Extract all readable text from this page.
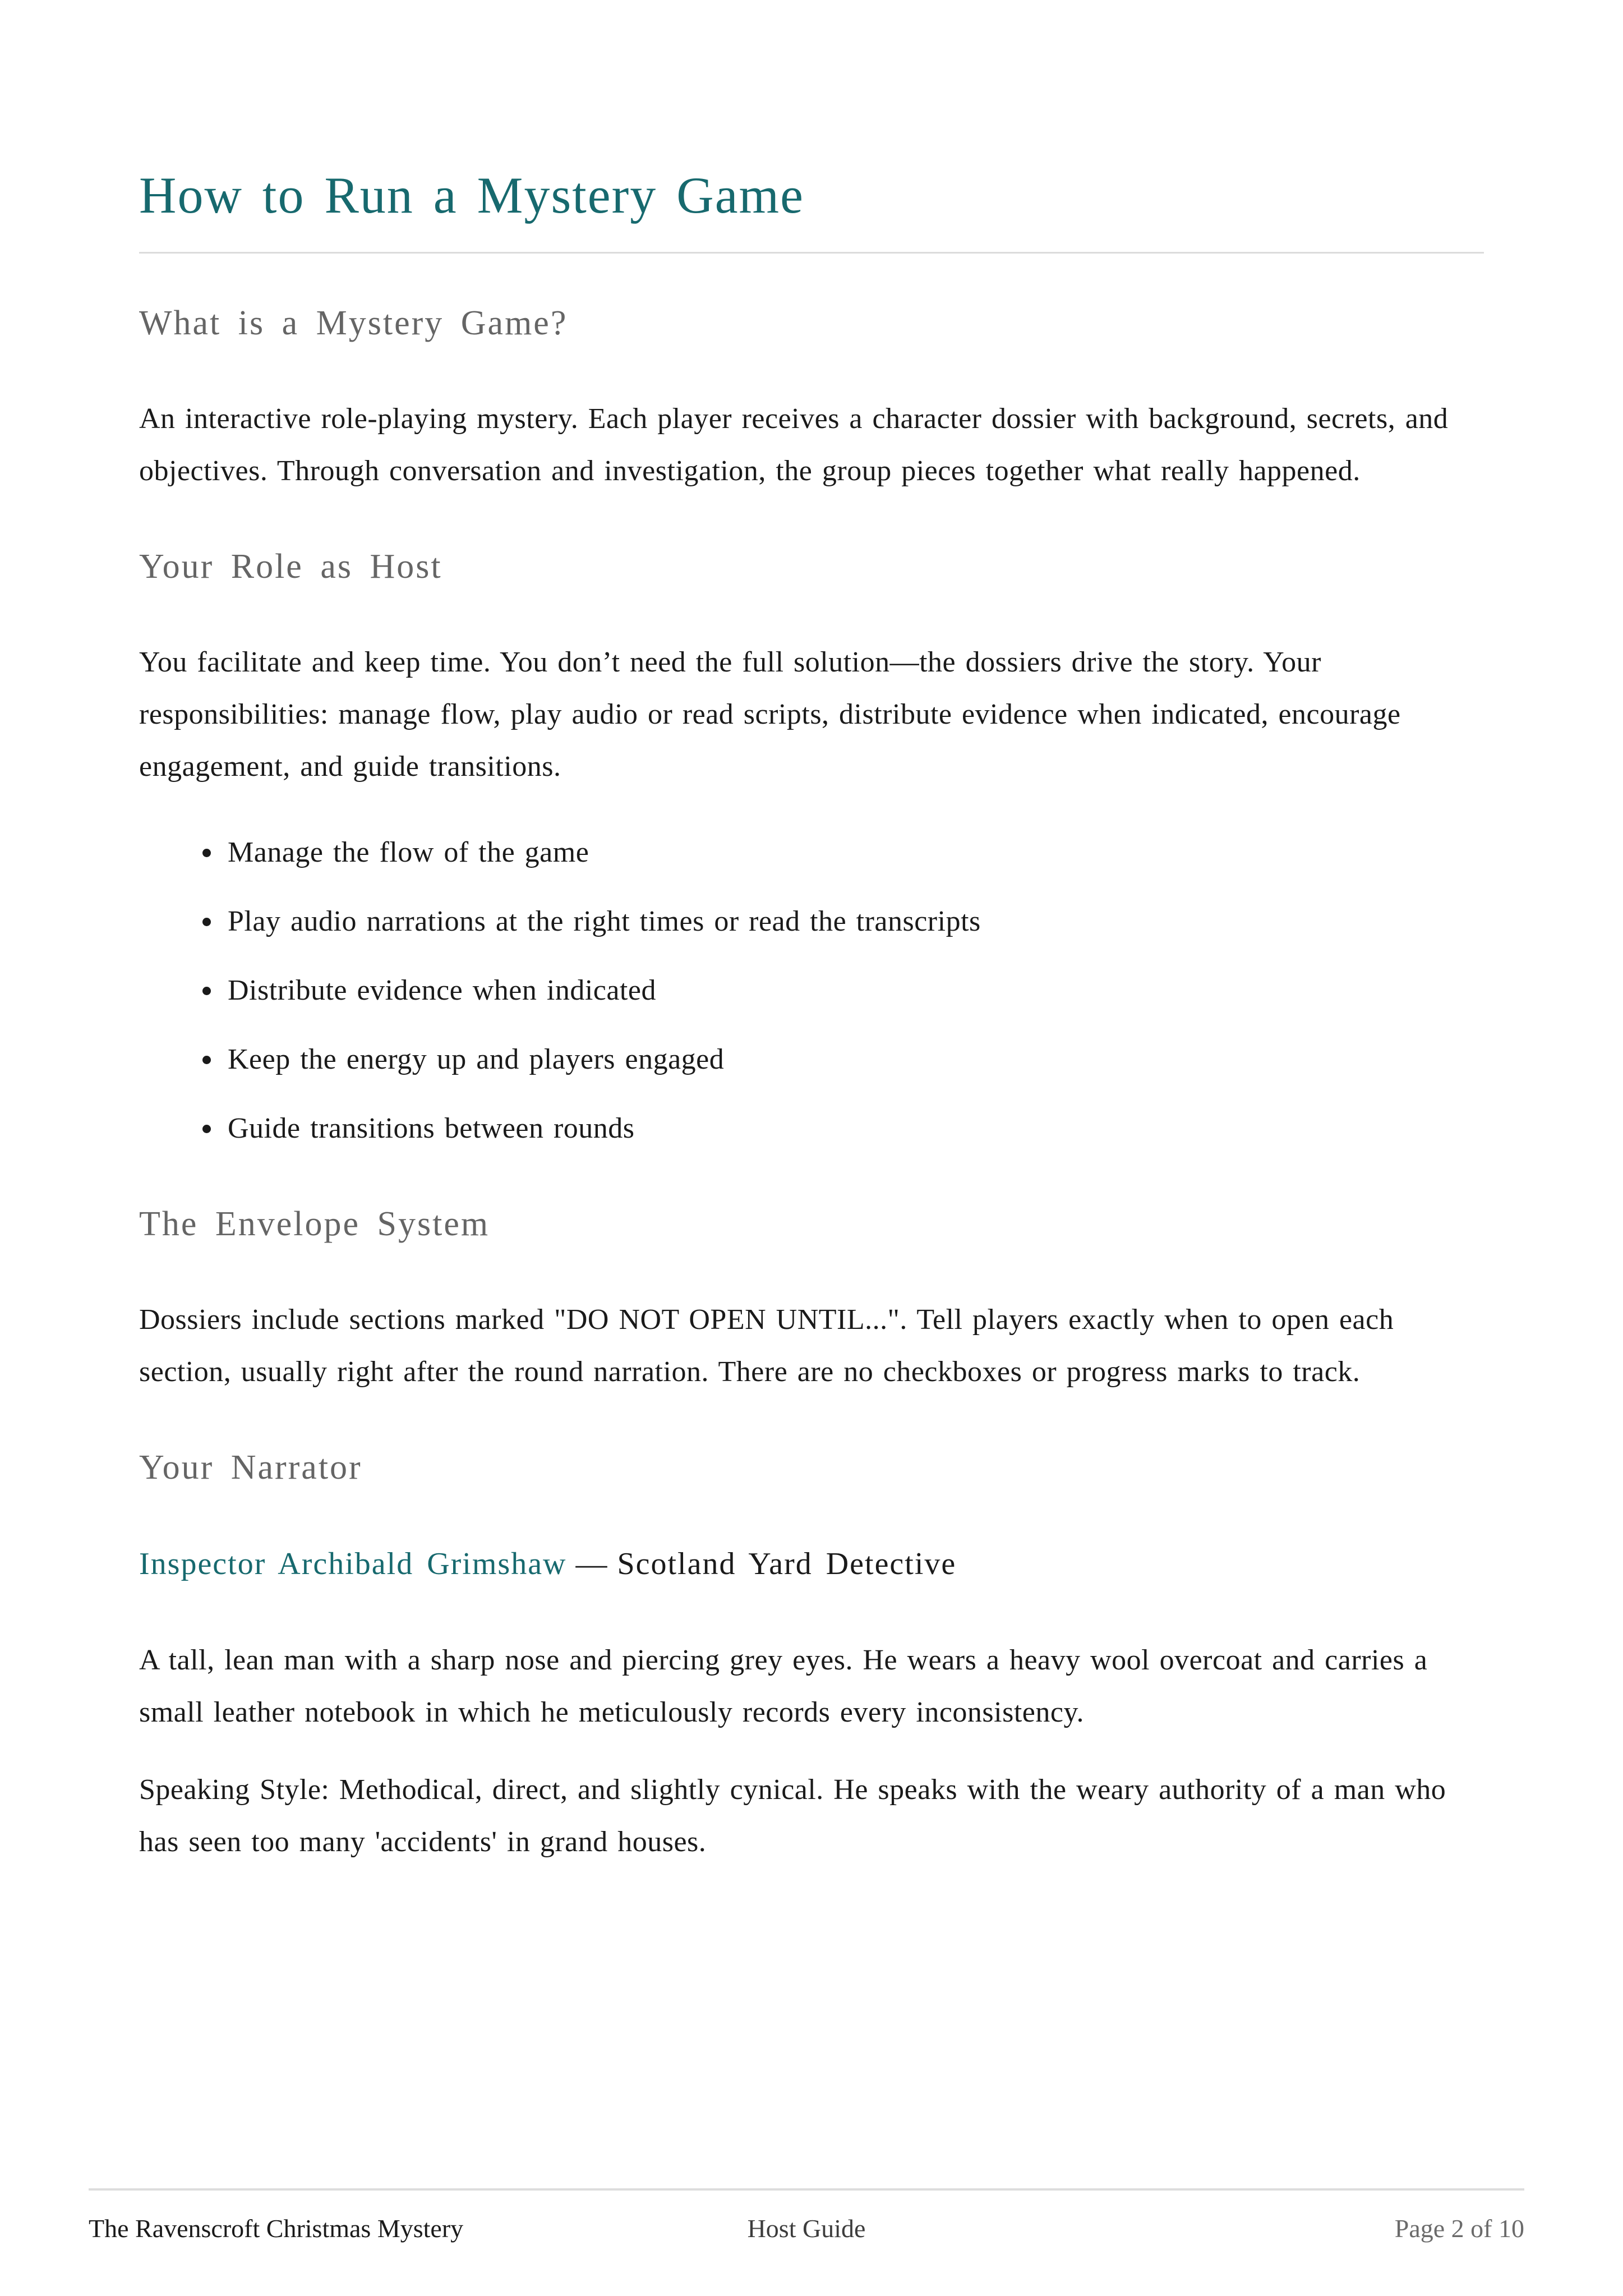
How to Run a Mystery Game
What is a Mystery Game?

An interactive role-playing mystery. Each player receives a character dossier with background, secrets, and objectives. Through conversation and investigation, the group pieces together what really happened.

Your Role as Host

You facilitate and keep time. You don’t need the full solution—the dossiers drive the story. Your responsibilities: manage flow, play audio or read scripts, distribute evidence when indicated, encourage engagement, and guide transitions.

• Manage the flow of the game
• Play audio narrations at the right times or read the transcripts
• Distribute evidence when indicated
• Keep the energy up and players engaged
• Guide transitions between rounds
The Envelope System

Dossiers include sections marked "DO NOT OPEN UNTIL...". Tell players exactly when to open each section, usually right after the round narration. There are no checkboxes or progress marks to track.

Your Narrator
Inspector Archibald Grimshaw — Scotland Yard Detective

A tall, lean man with a sharp nose and piercing grey eyes. He wears a heavy wool overcoat and carries a small leather notebook in which he meticulously records every inconsistency.

Speaking Style: Methodical, direct, and slightly cynical. He speaks with the weary authority of a man who has seen too many 'accidents' in grand houses.

The Ravenscroft Christmas Mystery	Host Guide	Page 2 of 10
